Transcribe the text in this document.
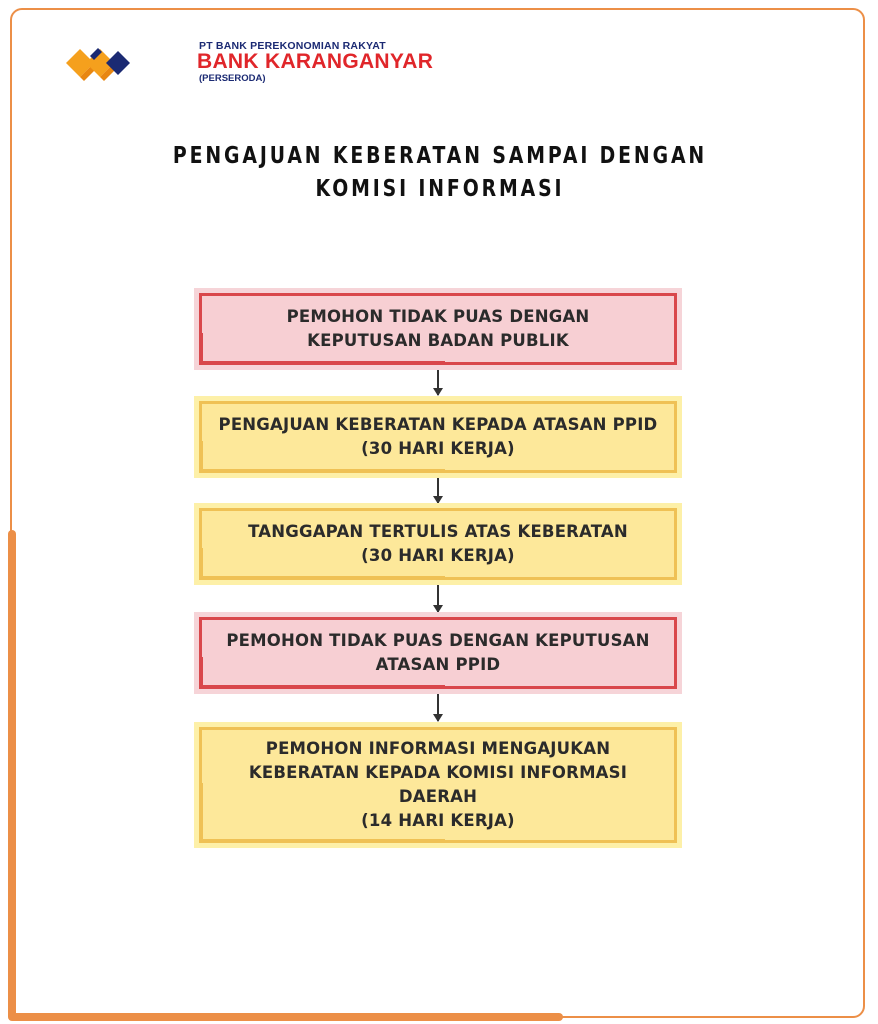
PT BANK PEREKONOMIAN RAKYAT
BANK KARANGANYAR
(PERSERODA)
PENGAJUAN KEBERATAN SAMPAI DENGAN
KOMISI INFORMASI
PEMOHON TIDAK PUAS DENGAN
KEPUTUSAN BADAN PUBLIK
PENGAJUAN KEBERATAN KEPADA ATASAN PPID
(30 HARI KERJA)
TANGGAPAN TERTULIS ATAS KEBERATAN
(30 HARI KERJA)
PEMOHON TIDAK PUAS DENGAN KEPUTUSAN
ATASAN PPID
PEMOHON INFORMASI MENGAJUKAN
KEBERATAN KEPADA KOMISI INFORMASI
DAERAH
(14 HARI KERJA)
